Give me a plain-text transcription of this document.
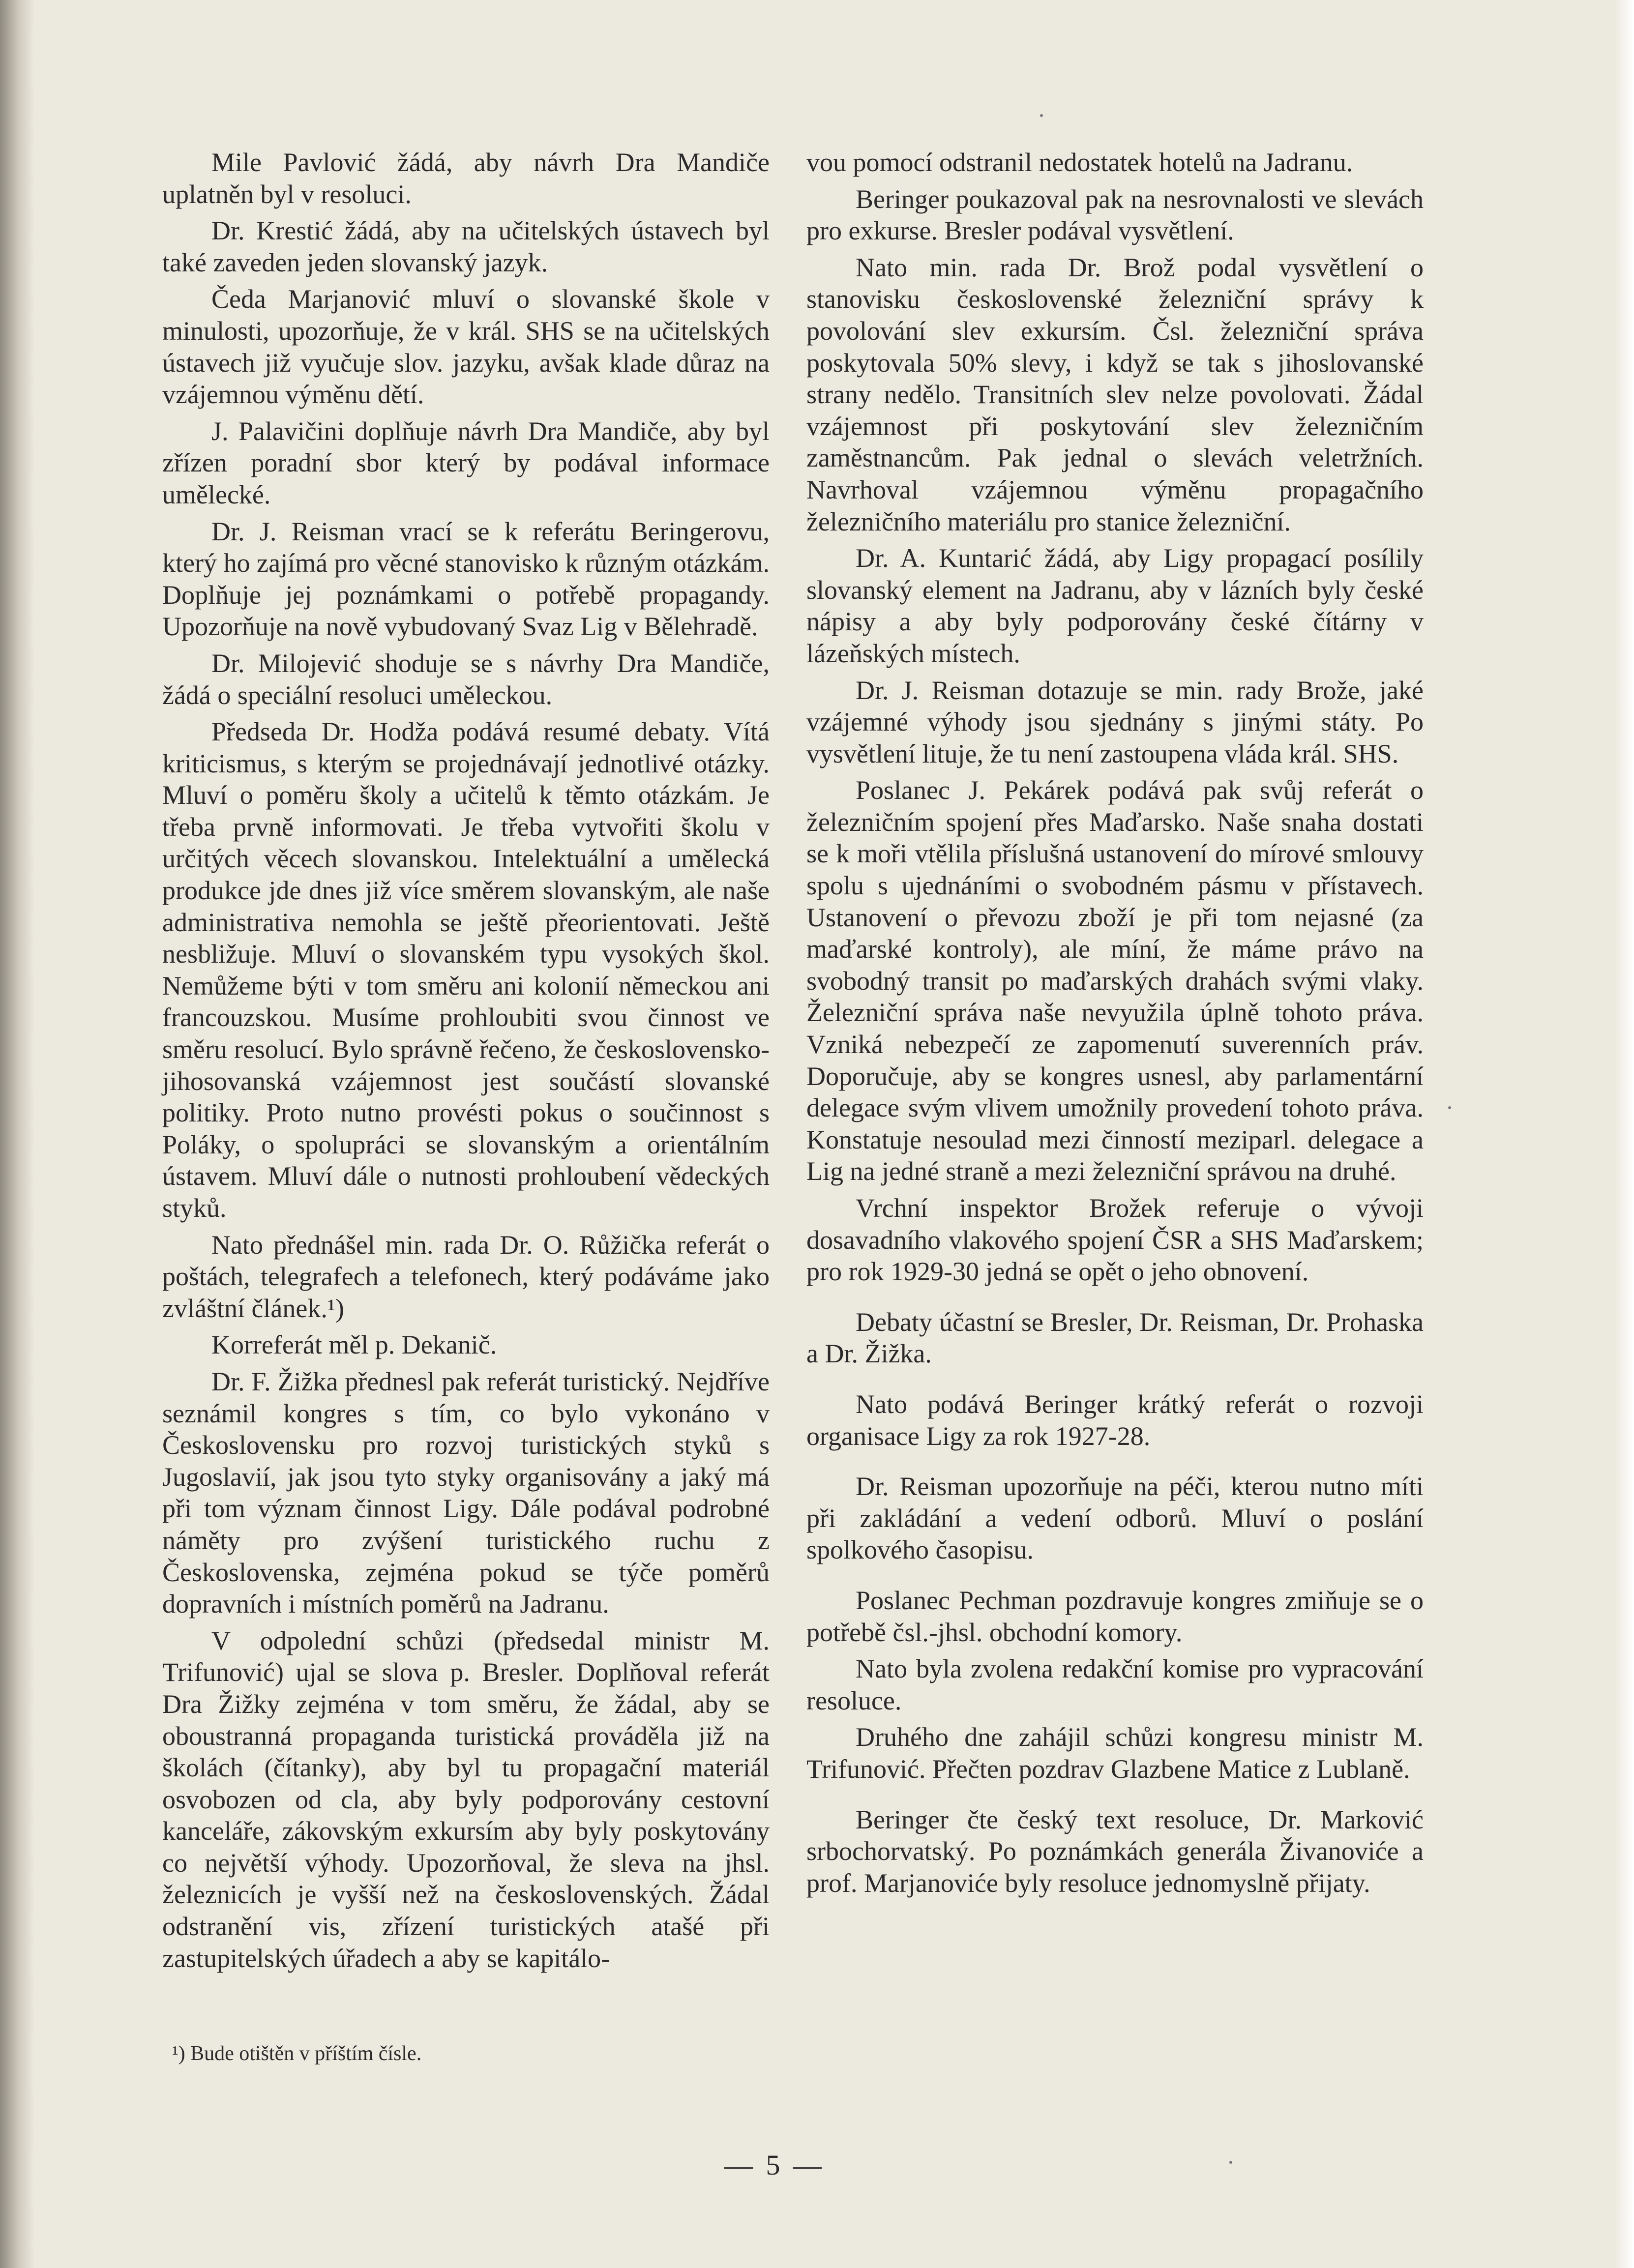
Mile Pavlović žádá, aby návrh Dra Mandiče uplatněn byl v resoluci.

Dr. Krestić žádá, aby na učitelských ústavech byl také zaveden jeden slovanský jazyk.

Čeda Marjanović mluví o slovanské škole v minulosti, upozorňuje, že v král. SHS se na učitelských ústavech již vyučuje slov. jazyku, avšak klade důraz na vzájemnou výměnu dětí.

J. Palavičini doplňuje návrh Dra Mandiče, aby byl zřízen poradní sbor který by podával informace umělecké.

Dr. J. Reisman vrací se k referátu Beringerovu, který ho zajímá pro věcné stanovisko k různým otázkám. Doplňuje jej poznámkami o potřebě propagandy. Upozorňuje na nově vybudovaný Svaz Lig v Bělehradě.

Dr. Milojević shoduje se s návrhy Dra Mandiče, žádá o speciální resoluci uměleckou.

Předseda Dr. Hodža podává resumé debaty. Vítá kriticismus, s kterým se projednávají jednotlivé otázky. Mluví o poměru školy a učitelů k těmto otázkám. Je třeba prvně informovati. Je třeba vytvořiti školu v určitých věcech slovanskou. Intelektuální a umělecká produkce jde dnes již více směrem slovanským, ale naše administrativa nemohla se ještě přeorientovati. Ještě nesbližuje. Mluví o slovanském typu vysokých škol. Nemůžeme býti v tom směru ani kolonií německou ani francouzskou. Musíme prohloubiti svou činnost ve směru resolucí. Bylo správně řečeno, že československo-jihosovanská vzájemnost jest součástí slovanské politiky. Proto nutno provésti pokus o součinnost s Poláky, o spolupráci se slovanským a orientálním ústavem. Mluví dále o nutnosti prohloubení vědeckých styků.

Nato přednášel min. rada Dr. O. Růžička referát o poštách, telegrafech a telefonech, který podáváme jako zvláštní článek.¹)

Korreferát měl p. Dekanič.

Dr. F. Žižka přednesl pak referát turistický. Nejdříve seznámil kongres s tím, co bylo vykonáno v Československu pro rozvoj turistických styků s Jugoslavií, jak jsou tyto styky organisovány a jaký má při tom význam činnost Ligy. Dále podával podrobné náměty pro zvýšení turistického ruchu z Československa, zejména pokud se týče poměrů dopravních i místních poměrů na Jadranu.

V odpolední schůzi (předsedal ministr M. Trifunović) ujal se slova p. Bresler. Doplňoval referát Dra Žižky zejména v tom směru, že žádal, aby se oboustranná propaganda turistická prováděla již na školách (čítanky), aby byl tu propagační materiál osvobozen od cla, aby byly podporovány cestovní kanceláře, zákovským exkursím aby byly poskytovány co největší výhody. Upozorňoval, že sleva na jhsl. železnicích je vyšší než na československých. Žádal odstranění vis, zřízení turistických atašé při zastupitelských úřadech a aby se kapitálo-

vou pomocí odstranil nedostatek hotelů na Jadranu.

Beringer poukazoval pak na nesrovnalosti ve slevách pro exkurse. Bresler podával vysvětlení.

Nato min. rada Dr. Brož podal vysvětlení o stanovisku československé železniční správy k povolování slev exkursím. Čsl. železniční správa poskytovala 50% slevy, i když se tak s jihoslovanské strany nedělo. Transitních slev nelze povolovati. Žádal vzájemnost při poskytování slev železničním zaměstnancům. Pak jednal o slevách veletržních. Navrhoval vzájemnou výměnu propagačního železničního materiálu pro stanice železniční.

Dr. A. Kuntarić žádá, aby Ligy propagací posílily slovanský element na Jadranu, aby v lázních byly české nápisy a aby byly podporovány české čítárny v lázeňských místech.

Dr. J. Reisman dotazuje se min. rady Brože, jaké vzájemné výhody jsou sjednány s jinými státy. Po vysvětlení lituje, že tu není zastoupena vláda král. SHS.

Poslanec J. Pekárek podává pak svůj referát o železničním spojení přes Maďarsko. Naše snaha dostati se k moři vtělila příslušná ustanovení do mírové smlouvy spolu s ujednáními o svobodném pásmu v přístavech. Ustanovení o převozu zboží je při tom nejasné (za maďarské kontroly), ale míní, že máme právo na svobodný transit po maďarských drahách svými vlaky. Železniční správa naše nevyužila úplně tohoto práva. Vzniká nebezpečí ze zapomenutí suverenních práv. Doporučuje, aby se kongres usnesl, aby parlamentární delegace svým vlivem umožnily provedení tohoto práva. Konstatuje nesoulad mezi činností meziparl. delegace a Lig na jedné straně a mezi železniční správou na druhé.

Vrchní inspektor Brožek referuje o vývoji dosavadního vlakového spojení ČSR a SHS Maďarskem; pro rok 1929-30 jedná se opět o jeho obnovení.

Debaty účastní se Bresler, Dr. Reisman, Dr. Prohaska a Dr. Žižka.

Nato podává Beringer krátký referát o rozvoji organisace Ligy za rok 1927-28.

Dr. Reisman upozorňuje na péči, kterou nutno míti při zakládání a vedení odborů. Mluví o poslání spolkového časopisu.

Poslanec Pechman pozdravuje kongres zmiňuje se o potřebě čsl.-jhsl. obchodní komory.

Nato byla zvolena redakční komise pro vypracování resoluce.

Druhého dne zahájil schůzi kongresu ministr M. Trifunović. Přečten pozdrav Glazbene Matice z Lublaně.

Beringer čte český text resoluce, Dr. Marković srbochorvatský. Po poznámkách generála Živanoviće a prof. Marjanoviće byly resoluce jednomyslně přijaty.

¹) Bude otištěn v příštím čísle.
— 5 —
